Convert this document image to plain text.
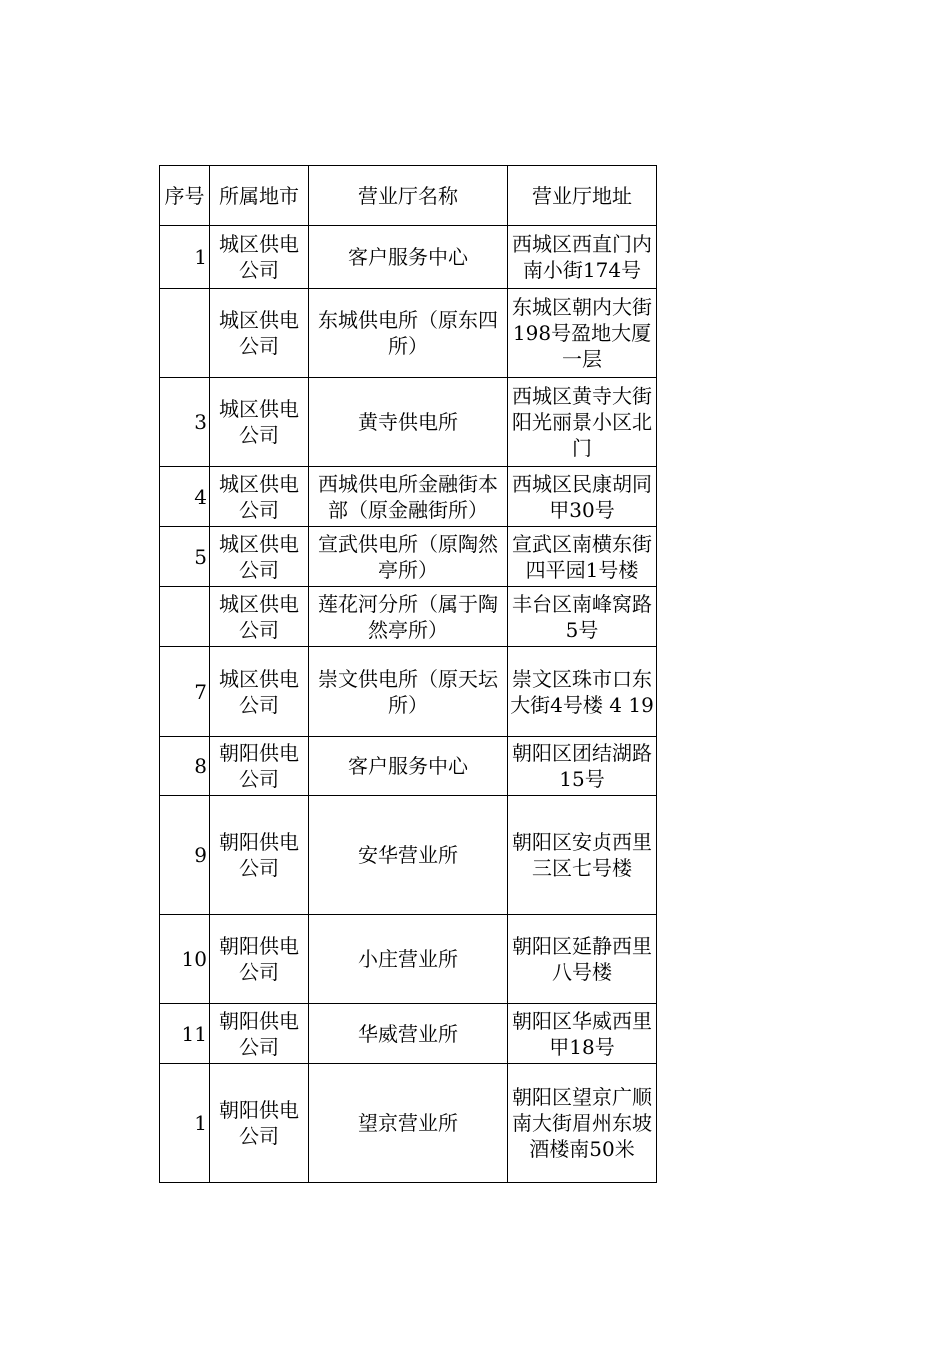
序号	所属地市	营业厅名称	营业厅地址
1	城区供电公司	客户服务中心	西城区西直门内南小街174号

	城区供电公司	东城供电所（原东四所）	东城区朝内大街198号盈地大厦一层
3	城区供电公司	黄寺供电所	西城区黄寺大街阳光丽景小区北门
4	城区供电公司	西城供电所金融街本部（原金融街所）	西城区民康胡同甲30号
5	城区供电公司	宣武供电所（原陶然亭所）	宣武区南横东街四平园1号楼

	城区供电公司	莲花河分所（属于陶然亭所）	丰台区南峰窝路5号
7	城区供电公司	崇文供电所（原天坛所）	崇文区珠市口东大街4号楼 4 19
8	朝阳供电公司	客户服务中心	朝阳区团结湖路15号
9	朝阳供电公司	安华营业所	朝阳区安贞西里三区七号楼
10	朝阳供电公司	小庄营业所	朝阳区延静西里八号楼
11	朝阳供电公司	华威营业所	朝阳区华威西里甲18号
1	朝阳供电公司	望京营业所	朝阳区望京广顺南大街眉州东坡酒楼南50米
